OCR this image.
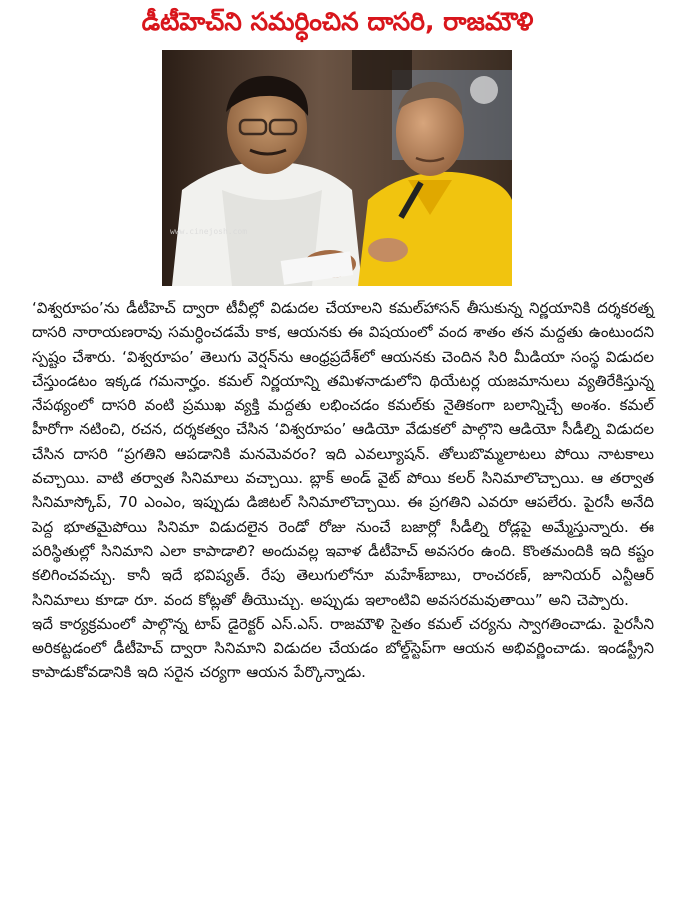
డీటీహెచ్‌ని సమర్ధించిన దాసరి, రాజమౌళి
www.cinejosh.com

‘విశ్వరూపం’ను డీటీహెచ్ ద్వారా టీవీల్లో విడుదల చేయాలని కమల్‌హాసన్ తీసుకున్న నిర్ణయానికి దర్శకరత్న దాసరి నారాయణరావు సమర్ధించడమే కాక, ఆయనకు ఈ విషయంలో వంద శాతం తన మద్దతు ఉంటుందని స్పష్టం చేశారు. ‘విశ్వరూపం’ తెలుగు వెర్షన్‌ను ఆంధ్రప్రదేశ్‌లో ఆయనకు చెందిన సిరి మీడియా సంస్థ విడుదల చేస్తుండటం ఇక్కడ గమనార్హం. కమల్ నిర్ణయాన్ని తమిళనాడులోని థియేటర్ల యజమానులు వ్యతిరేకిస్తున్న నేపథ్యంలో దాసరి వంటి ప్రముఖ వ్యక్తి మద్దతు లభించడం కమల్‌కు నైతికంగా బలాన్నిచ్చే అంశం. కమల్ హీరోగా నటించి, రచన, దర్శకత్వం చేసిన ‘విశ్వరూపం’ ఆడియో వేడుకలో పాల్గొని ఆడియో సీడీల్ని విడుదల చేసిన దాసరి “ప్రగతిని ఆపడానికి మనమెవరం? ఇది ఎవల్యూషన్. తోలుబొమ్మలాటలు పోయి నాటకాలు వచ్చాయి. వాటి తర్వాత సినిమాలు వచ్చాయి. బ్లాక్ అండ్ వైట్ పోయి కలర్ సినిమాలొచ్చాయి. ఆ తర్వాత సినిమాస్కోప్, 70 ఎంఎం, ఇప్పుడు డిజిటల్ సినిమాలొచ్చాయి. ఈ ప్రగతిని ఎవరూ ఆపలేరు. పైరసీ అనేది పెద్ద భూతమైపోయి సినిమా విడుదలైన రెండో రోజు నుంచే బజార్లో సీడీల్ని రోడ్లపై అమ్మేస్తున్నారు. ఈ పరిస్థితుల్లో సినిమాని ఎలా కాపాడాలి? అందువల్ల ఇవాళ డీటీహెచ్ అవసరం ఉంది. కొంతమందికి ఇది కష్టం కలిగించవచ్చు. కానీ ఇదే భవిష్యత్. రేపు తెలుగులోనూ మహేశ్‌బాబు, రాంచరణ్, జూనియర్ ఎన్టీఆర్ సినిమాలు కూడా రూ. వంద కోట్లతో తీయొచ్చు. అప్పుడు ఇలాంటివి అవసరమవుతాయి” అని చెప్పారు.

ఇదే కార్యక్రమంలో పాల్గొన్న టాప్ డైరెక్టర్ ఎస్.ఎస్. రాజమౌళి సైతం కమల్ చర్యను స్వాగతించాడు. పైరసీని అరికట్టడంలో డీటీహెచ్ ద్వారా సినిమాని విడుదల చేయడం బోల్డ్‌స్టెప్‌గా ఆయన అభివర్ణించాడు. ఇండస్ట్రీని కాపాడుకోవడానికి ఇది సరైన చర్యగా ఆయన పేర్కొన్నాడు.
